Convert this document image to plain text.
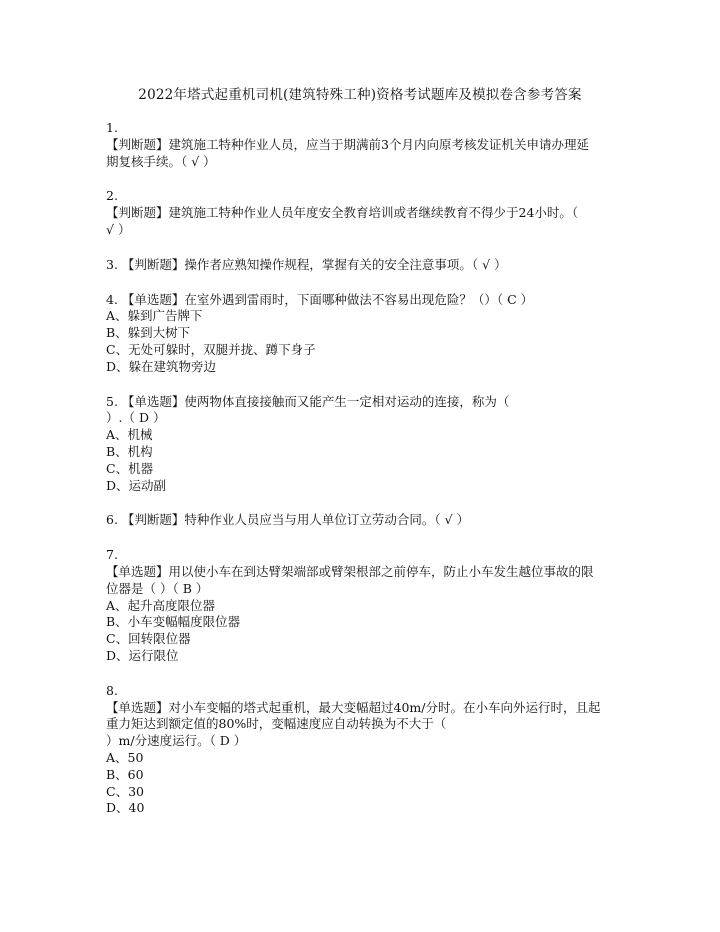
2022年塔式起重机司机(建筑特殊工种)资格考试题库及模拟卷含参考答案
1.
【判断题】建筑施工特种作业人员，应当于期满前3个月内向原考核发证机关申请办理延
期复核手续。（ √ ）
2.
【判断题】建筑施工特种作业人员年度安全教育培训或者继续教育不得少于24小时。（
√ ）
3. 【判断题】操作者应熟知操作规程，掌握有关的安全注意事项。（ √ ）
4. 【单选题】在室外遇到雷雨时，下面哪种做法不容易出现危险？（）（ C ）
A、躲到广告牌下
B、躲到大树下
C、无处可躲时，双腿并拢、蹲下身子
D、躲在建筑物旁边
5. 【单选题】使两物体直接接触而又能产生一定相对运动的连接，称为（
）.（ D ）
A、机械
B、机构
C、机器
D、运动副
6. 【判断题】特种作业人员应当与用人单位订立劳动合同。（ √ ）
7.
【单选题】用以使小车在到达臂架端部或臂架根部之前停车，防止小车发生越位事故的限
位器是（ ）（ B ）
A、起升高度限位器
B、小车变幅幅度限位器
C、回转限位器
D、运行限位
8.
【单选题】对小车变幅的塔式起重机，最大变幅超过40m/分时。在小车向外运行时，且起
重力矩达到额定值的80%时，变幅速度应自动转换为不大于（
）m/分速度运行。（ D ）
A、50
B、60
C、30
D、40
